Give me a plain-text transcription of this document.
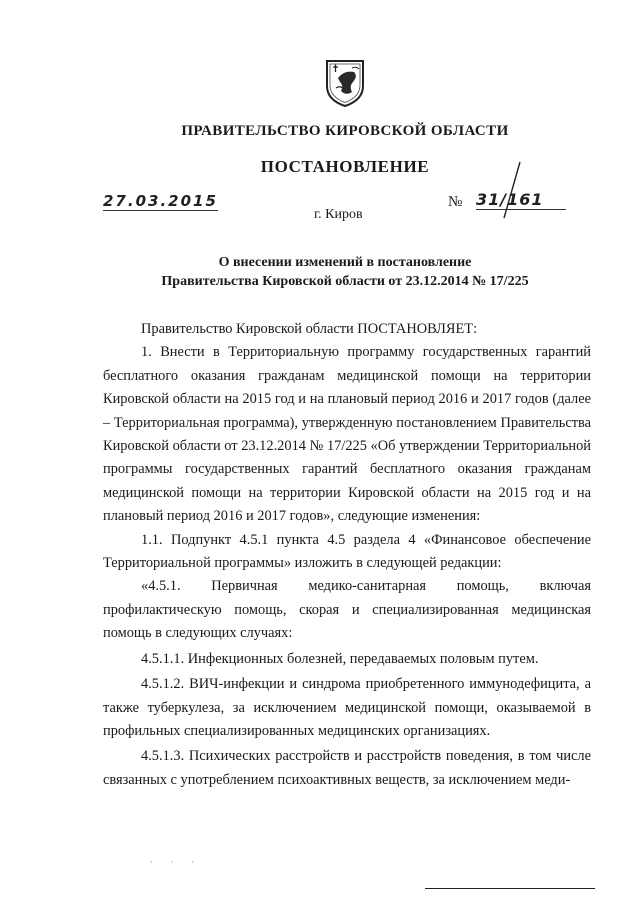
ПРАВИТЕЛЬСТВО КИРОВСКОЙ ОБЛАСТИ
ПОСТАНОВЛЕНИЕ
27.03.2015	№ 31/161
г. Киров
О внесении изменений в постановление
Правительства Кировской области от 23.12.2014 № 17/225

Правительство Кировской области ПОСТАНОВЛЯЕТ:

1. Внести в Территориальную программу государственных гарантий бесплатного оказания гражданам медицинской помощи на территории Кировской области на 2015 год и на плановый период 2016 и 2017 годов (далее – Территориальная программа), утвержденную постановлением Правительства Кировской области от 23.12.2014 № 17/225 «Об утверждении Территориальной программы государственных гарантий бесплатного оказания гражданам медицинской помощи на территории Кировской области на 2015 год и на плановый период 2016 и 2017 годов», следующие изменения:

1.1. Подпункт 4.5.1 пункта 4.5 раздела 4 «Финансовое обеспечение Территориальной программы» изложить в следующей редакции:

«4.5.1. Первичная медико-санитарная помощь, включая профилактическую помощь, скорая и специализированная медицинская помощь в следующих случаях:

4.5.1.1. Инфекционных болезней, передаваемых половым путем.

4.5.1.2. ВИЧ-инфекции и синдрома приобретенного иммунодефицита, а также туберкулеза, за исключением медицинской помощи, оказываемой в профильных специализированных медицинских организациях.

4.5.1.3. Психических расстройств и расстройств поведения, в том числе связанных с употреблением психоактивных веществ, за исключением меди-

· · ·
